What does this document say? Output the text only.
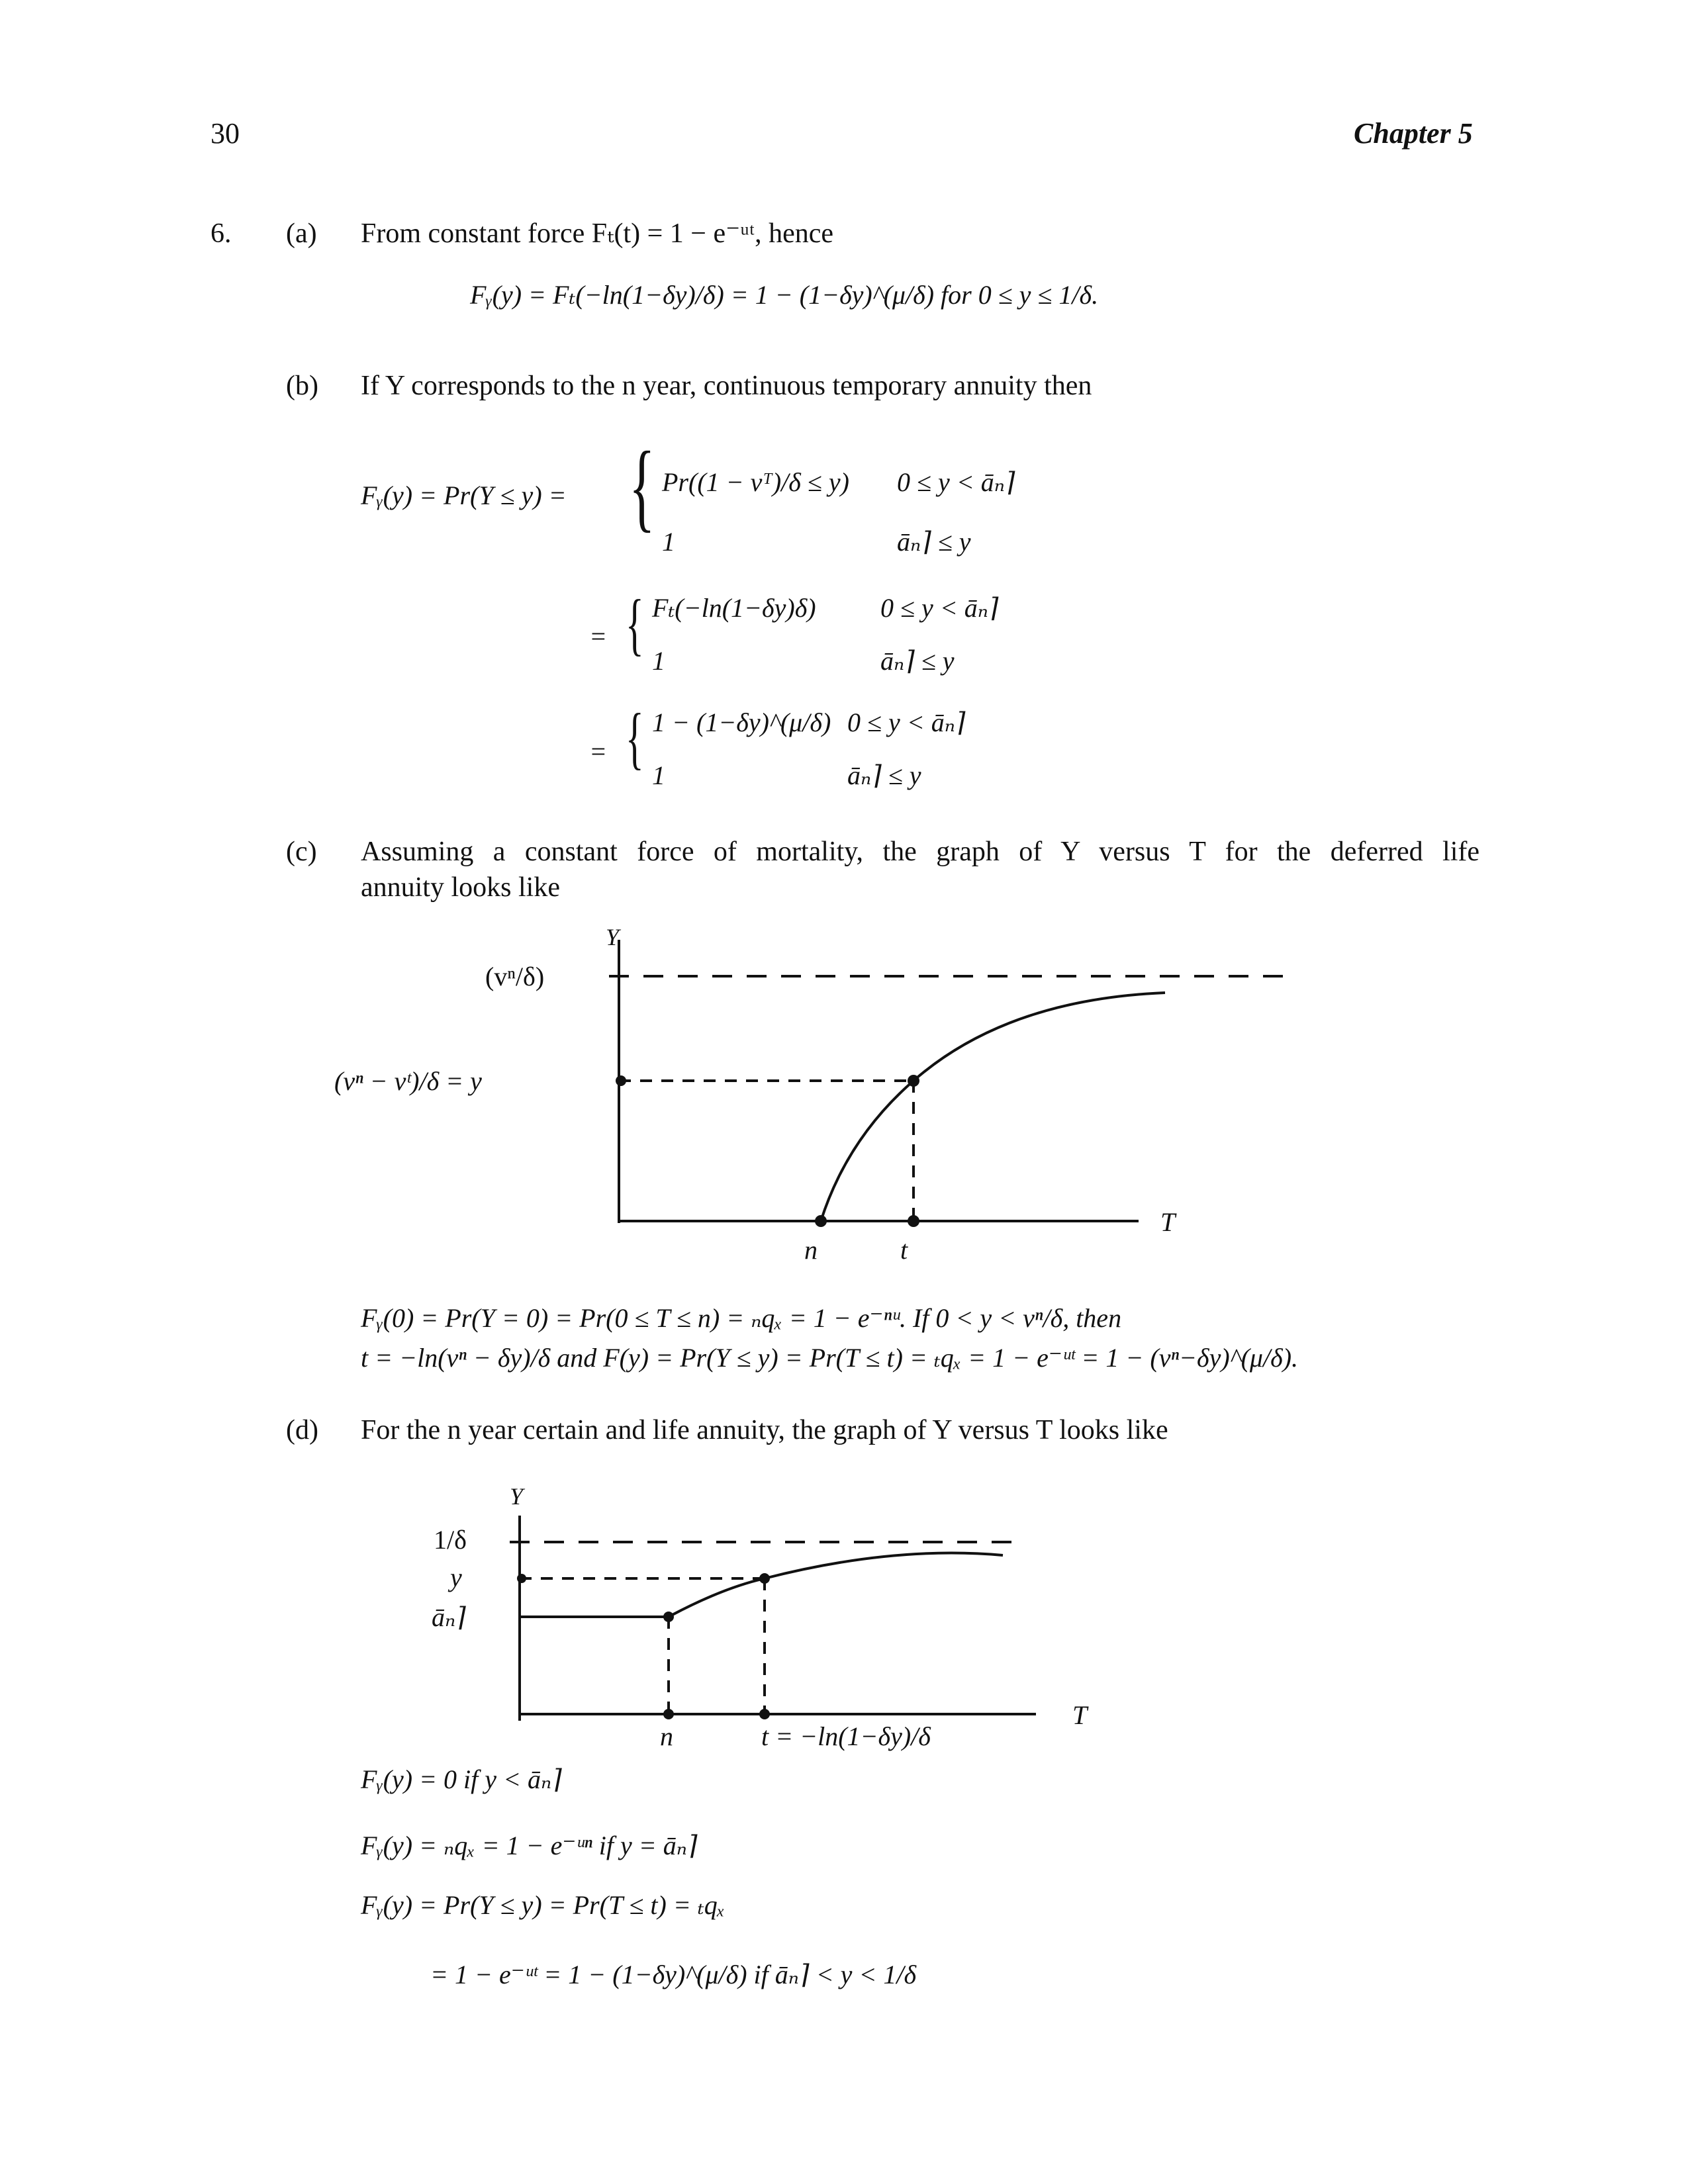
30	Chapter 5
6. (a) From constant force Fₜ(t) = 1 − e⁻ᵘᵗ, hence
Fᵧ(y) = Fₜ(−ln(1−δy)/δ) = 1 − (1−δy)^(μ/δ) for 0 ≤ y ≤ 1/δ.
(b) If Y corresponds to the n year, continuous temporary annuity then
Fᵧ(y) = Pr(Y ≤ y) = { Pr((1 − vᵀ)/δ ≤ y) 0 ≤ y < āₙ⌉
1	āₙ⌉ ≤ y
= { Fₜ(−ln(1−δy)δ) 0 ≤ y < āₙ⌉
1	āₙ⌉ ≤ y
= { 1 − (1−δy)^(μ/δ) 0 ≤ y < āₙ⌉
1	āₙ⌉ ≤ y
(c) Assuming a constant force of mortality, the graph of Y versus T for the deferred life
annuity looks like
Y
(vⁿ/δ)
(vⁿ − vᵗ)/δ = y
T
n	t
Fᵧ(0) = Pr(Y = 0) = Pr(0 ≤ T ≤ n) = ₙqₓ = 1 − e⁻ⁿᵘ. If 0 < y < vⁿ/δ, then
t = −ln(vⁿ − δy)/δ and F(y) = Pr(Y ≤ y) = Pr(T ≤ t) = ₜqₓ = 1 − e⁻ᵘᵗ = 1 − (vⁿ−δy)^(μ/δ).
(d) For the n year certain and life annuity, the graph of Y versus T looks like
Y
1/δ
y
āₙ⌉
T
n	t = −ln(1−δy)/δ
Fᵧ(y) = 0 if y < āₙ⌉
Fᵧ(y) = ₙqₓ = 1 − e⁻ᵘⁿ if y = āₙ⌉
Fᵧ(y) = Pr(Y ≤ y) = Pr(T ≤ t) = ₜqₓ
= 1 − e⁻ᵘᵗ = 1 − (1−δy)^(μ/δ) if āₙ⌉ < y < 1/δ
